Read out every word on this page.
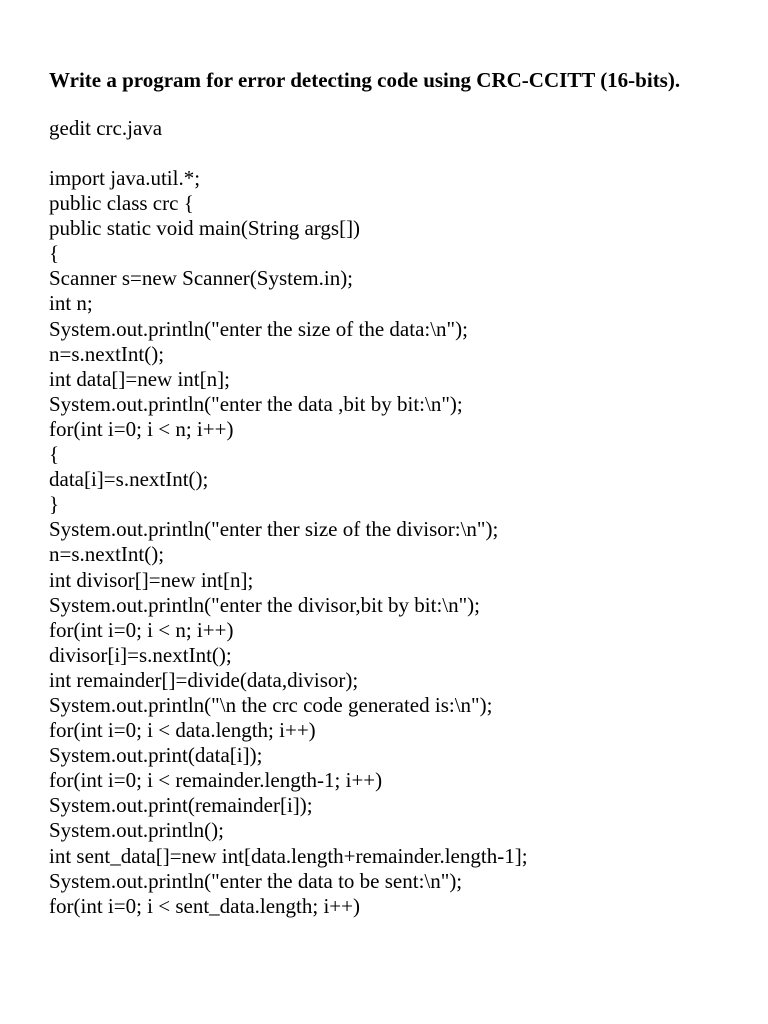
Write a program for error detecting code using CRC-CCITT (16-bits).
gedit crc.java
import java.util.*;
public class crc {
public static void main(String args[])
{
Scanner s=new Scanner(System.in);
int n;
System.out.println("enter the size of the data:\n");
n=s.nextInt();
int data[]=new int[n];
System.out.println("enter the data ,bit by bit:\n");
for(int i=0; i < n; i++)
{
data[i]=s.nextInt();
}
System.out.println("enter ther size of the divisor:\n");
n=s.nextInt();
int divisor[]=new int[n];
System.out.println("enter the divisor,bit by bit:\n");
for(int i=0; i < n; i++)
divisor[i]=s.nextInt();
int remainder[]=divide(data,divisor);
System.out.println("\n the crc code generated is:\n");
for(int i=0; i < data.length; i++)
System.out.print(data[i]);
for(int i=0; i < remainder.length-1; i++)
System.out.print(remainder[i]);
System.out.println();
int sent_data[]=new int[data.length+remainder.length-1];
System.out.println("enter the data to be sent:\n");
for(int i=0; i < sent_data.length; i++)
